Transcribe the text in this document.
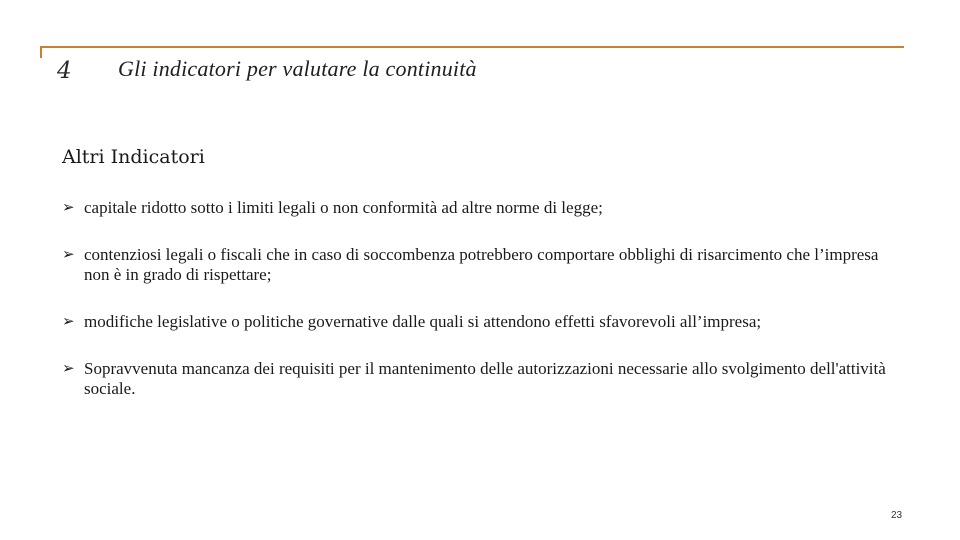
4 Gli indicatori per valutare la continuità
Altri Indicatori
➢ capitale ridotto sotto i limiti legali o non conformità ad altre norme di legge;
➢ contenziosi legali o fiscali che in caso di soccombenza potrebbero comportare obblighi di risarcimento che l’impresa non è in grado di rispettare;
➢ modifiche legislative o politiche governative dalle quali si attendono effetti sfavorevoli all’impresa;
➢ Sopravvenuta mancanza dei requisiti per il mantenimento delle autorizzazioni necessarie allo svolgimento dell'attività sociale.
23
